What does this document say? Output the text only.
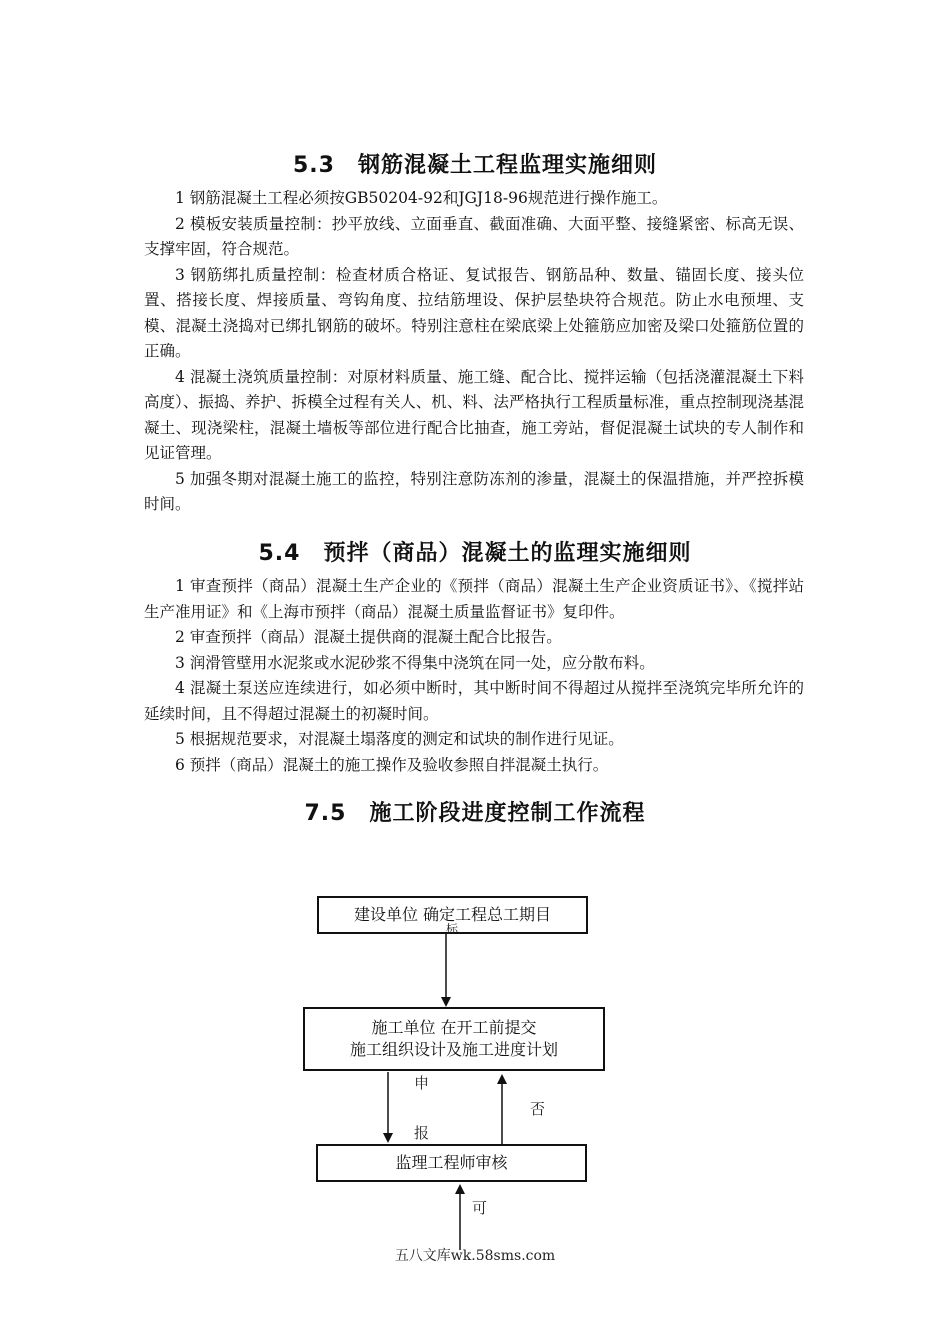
5.3　钢筋混凝土工程监理实施细则

1 钢筋混凝土工程必须按GB50204-92和JGJ18-96规范进行操作施工。

2 模板安装质量控制：抄平放线、立面垂直、截面准确、大面平整、接缝紧密、标高无误、支撑牢固，符合规范。

3 钢筋绑扎质量控制：检查材质合格证、复试报告、钢筋品种、数量、锚固长度、接头位置、搭接长度、焊接质量、弯钩角度、拉结筋埋设、保护层垫块符合规范。防止水电预埋、支模、混凝土浇捣对已绑扎钢筋的破坏。特别注意柱在梁底梁上处箍筋应加密及梁口处箍筋位置的正确。

4 混凝土浇筑质量控制：对原材料质量、施工缝、配合比、搅拌运输（包括浇灌混凝土下料高度）、振捣、养护、拆模全过程有关人、机、料、法严格执行工程质量标准，重点控制现浇基混凝土、现浇梁柱，混凝土墙板等部位进行配合比抽查，施工旁站，督促混凝土试块的专人制作和见证管理。

5 加强冬期对混凝土施工的监控，特别注意防冻剂的渗量，混凝土的保温措施，并严控拆模时间。

5.4　预拌（商品）混凝土的监理实施细则

1 审查预拌（商品）混凝土生产企业的《预拌（商品）混凝土生产企业资质证书》、《搅拌站生产准用证》和《上海市预拌（商品）混凝土质量监督证书》复印件。

2 审查预拌（商品）混凝土提供商的混凝土配合比报告。

3 润滑管壁用水泥浆或水泥砂浆不得集中浇筑在同一处，应分散布料。

4 混凝土泵送应连续进行，如必须中断时，其中断时间不得超过从搅拌至浇筑完毕所允许的延续时间，且不得超过混凝土的初凝时间。

5 根据规范要求，对混凝土塌落度的测定和试块的制作进行见证。

6 预拌（商品）混凝土的施工操作及验收参照自拌混凝土执行。

7.5　施工阶段进度控制工作流程
建设单位 确定工程总工期目
施工单位 在开工前提交
施工组织设计及施工进度计划
监理工程师审核
申
报
否
可
五八文库wk.58sms.com
